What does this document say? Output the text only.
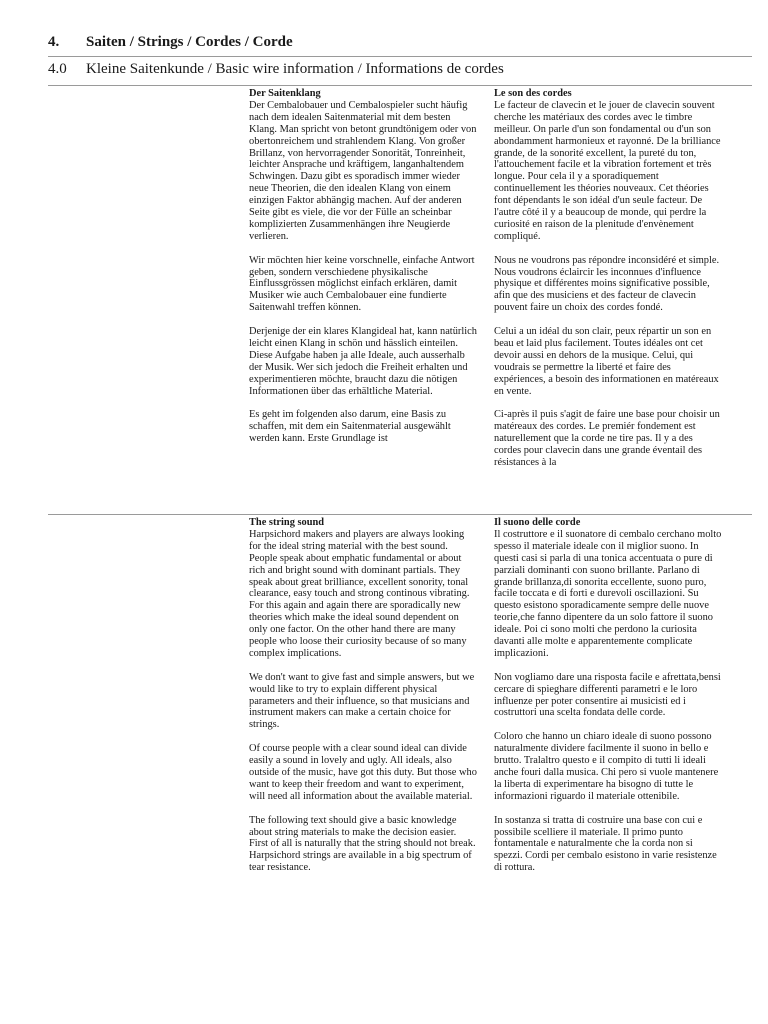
4. Saiten / Strings / Cordes / Corde
4.0 Kleine Saitenkunde / Basic wire information / Informations de cordes
Der Saitenklang

Der Cembalobauer und Cembalospieler sucht häufig nach dem idealen Saitenmaterial mit dem besten Klang. Man spricht von betont grundtönigem oder von obertonreichem und strahlendem Klang. Von großer Brillanz, von hervorragender Sonorität, Tonreinheit, leichter Ansprache und kräftigem, langanhaltendem Schwingen. Dazu gibt es sporadisch immer wieder neue Theorien, die den idealen Klang von einem einzigen Faktor abhängig machen. Auf der anderen Seite gibt es viele, die vor der Fülle an scheinbar komplizierten Zusammenhängen ihre Neugierde verlieren.

Wir möchten hier keine vorschnelle, einfache Antwort geben, sondern verschiedene physikalische Einflussgrössen möglichst einfach erklären, damit Musiker wie auch Cembalobauer eine fundierte Saitenwahl treffen können.

Derjenige der ein klares Klangideal hat, kann natürlich leicht einen Klang in schön und hässlich einteilen. Diese Aufgabe haben ja alle Ideale, auch ausserhalb der Musik. Wer sich jedoch die Freiheit erhalten und experimentieren möchte, braucht dazu die nötigen Informationen über das erhältliche Material.

Es geht im folgenden also darum, eine Basis zu schaffen, mit dem ein Saitenmaterial ausgewählt werden kann. Erste Grundlage ist

Le son des cordes

Le facteur de clavecin et le jouer de clavecin souvent cherche les matériaux des cordes avec le timbre meilleur. On parle d'un son fondamental ou d'un son abondamment harmonieux et rayonné. De la brilliance grande, de la sonorité excellent, la pureté du ton, l'attouchement facile et la vibration fortement et très longue. Pour cela il y a sporadiquement continuellement les théories nouveaux. Cet théories font dépendants le son idéal d'un seule facteur. De l'autre côté il y a beaucoup de monde, qui perdre la curiosité en raison de la plenitude d'envènement compliqué.

Nous ne voudrons pas répondre inconsidéré et simple. Nous voudrons éclaircir les inconnues d'influence physique et différentes moins significative possible, afin que des musiciens et des facteur de clavecin pouvent faire un choix des cordes fondé.

Celui a un idéal du son clair, peux répartir un son en beau et laid plus facilement. Toutes idéales ont cet devoir aussi en dehors de la musique. Celui, qui voudrais se permettre la liberté et faire des expériences, a besoin des informationen en matéreaux en vente.

Ci-après il puis s'agit de faire une base pour choisir un matéreaux des cordes. Le premiér fondement est naturellement que la corde ne tire pas. Il y a des cordes pour clavecin dans une grande éventail des résistances à la

The string sound

Harpsichord makers and players are always looking for the ideal string material with the best sound. People speak about emphatic fundamental or about rich and bright sound with dominant partials. They speak about great brilliance, excellent sonority, tonal clearance, easy touch and strong continous vibrating. For this again and again there are sporadically new theories which make the ideal sound dependent on only one factor. On the other hand there are many people who loose their curiosity because of so many complex implications.

We don't want to give fast and simple answers, but we would like to try to explain different physical parameters and their influence, so that musicians and instrument makers can make a certain choice for strings.

Of course people with a clear sound ideal can divide easily a sound in lovely and ugly. All ideals, also outside of the music, have got this duty. But those who want to keep their freedom and want to experiment, will need all information about the available material.

The following text should give a basic knowledge about string materials to make the decision easier. First of all is naturally that the string should not break. Harpsichord strings are available in a big spectrum of tear resistance.

Il suono delle corde

Il costruttore e il suonatore di cembalo cerchano molto spesso il materiale ideale con il miglior suono. In questi casi si parla di una tonica accentuata o pure di parziali dominanti con suono brillante. Parlano di grande brillanza,di sonorita eccellente, suono puro, facile toccata e di forti e durevoli oscillazioni. Su questo esistono sporadicamente sempre delle nuove teorie,che fanno dipentere da un solo fattore il suono ideale. Poi ci sono molti che perdono la curiosita davanti alle molte e apparentemente complicate implicazioni.

Non vogliamo dare una risposta facile e afrettata,bensi cercare di spieghare differenti parametri e le loro influenze per poter consentire ai musicisti ed i costruttori una scelta fondata delle corde.

Coloro che hanno un chiaro ideale di suono possono naturalmente dividere facilmente il suono in bello e brutto. Tralaltro questo e il compito di tutti li ideali anche fouri dalla musica. Chi pero si vuole mantenere la liberta di experimentare ha bisogno di tutte le informazioni riguardo il materiale ottenibile.

In sostanza si tratta di costruire una base con cui e possibile scelliere il materiale. Il primo punto fontamentale e naturalmente che la corda non si spezzi. Cordi per cembalo esistono in varie resistenze di rottura.
